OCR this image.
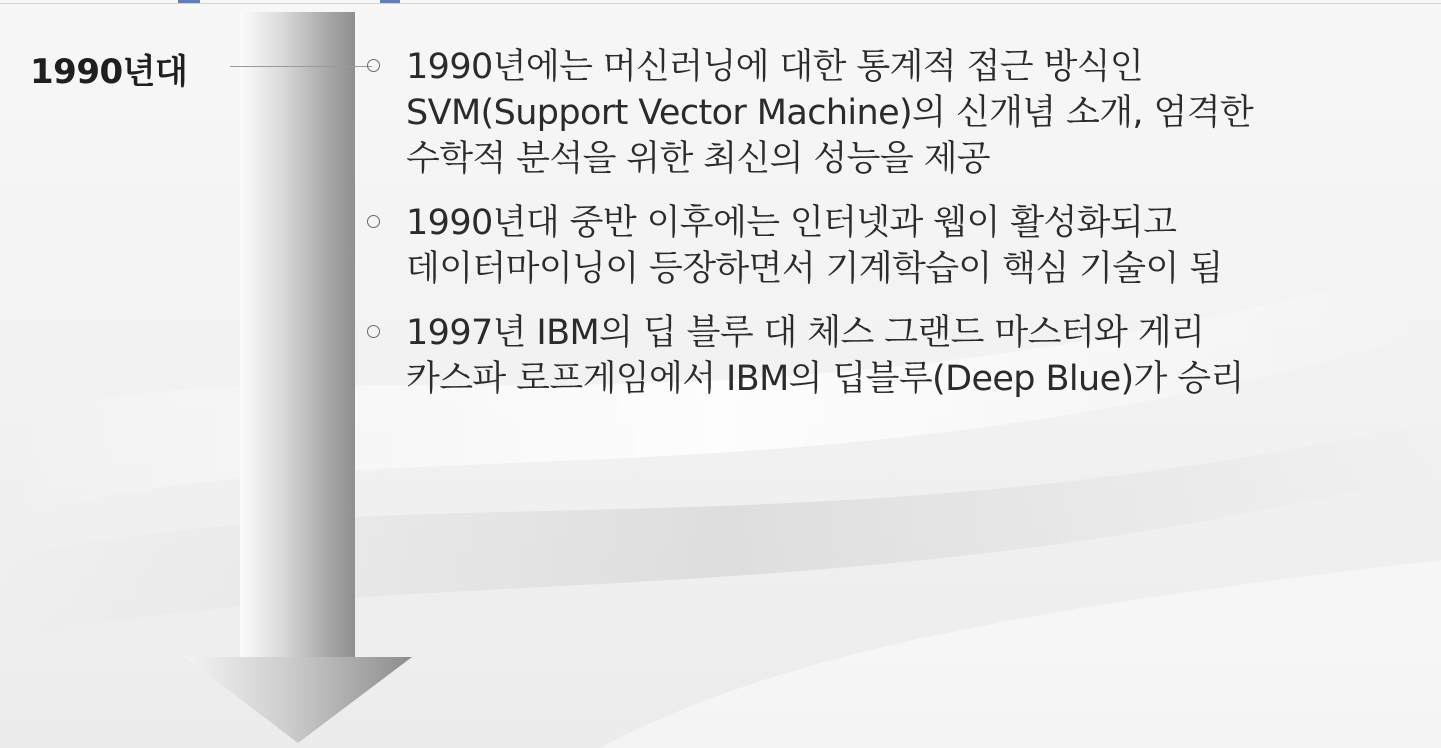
1990년대	1990년에는 머신러닝에 대한 통계적 접근 방식인
SVM(Support Vector Machine)의 신개념 소개, 엄격한
수학적 분석을 위한 최신의 성능을 제공
1990년대 중반 이후에는 인터넷과 웹이 활성화되고
데이터마이닝이 등장하면서 기계학습이 핵심 기술이 됨
1997년 IBM의 딥 블루 대 체스 그랜드 마스터와 게리
카스파 로프게임에서 IBM의 딥블루(Deep Blue)가 승리
